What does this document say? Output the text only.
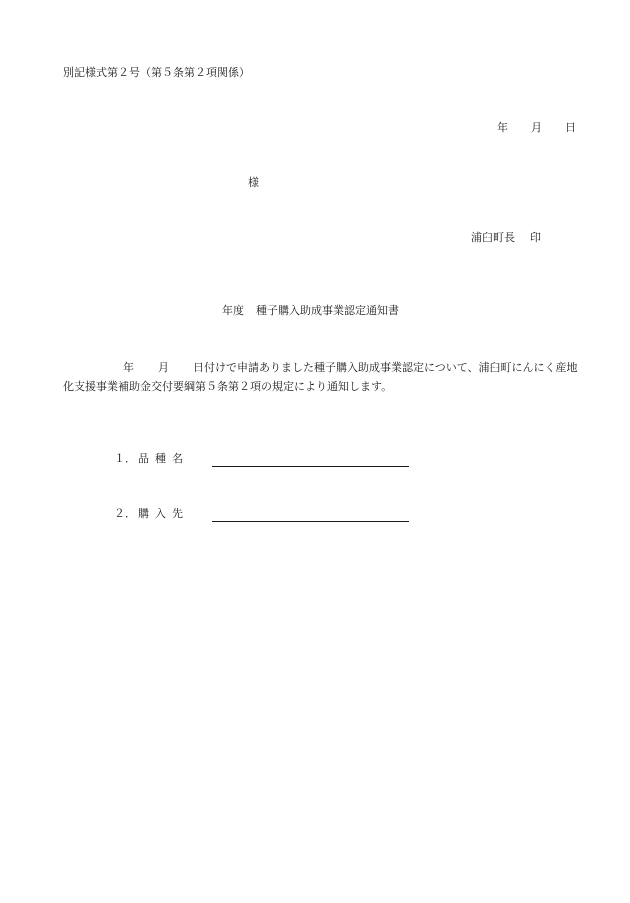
別記様式第２号（第５条第２項関係）
年 月 日
様
浦臼町長 印
年度 種子購入助成事業認定通知書
年 月 日付けで申請ありました種子購入助成事業認定について、浦臼町にんにく産地化支援事業補助金交付要綱第５条第２項の規定により通知します。
１． 品種名
２． 購入先
